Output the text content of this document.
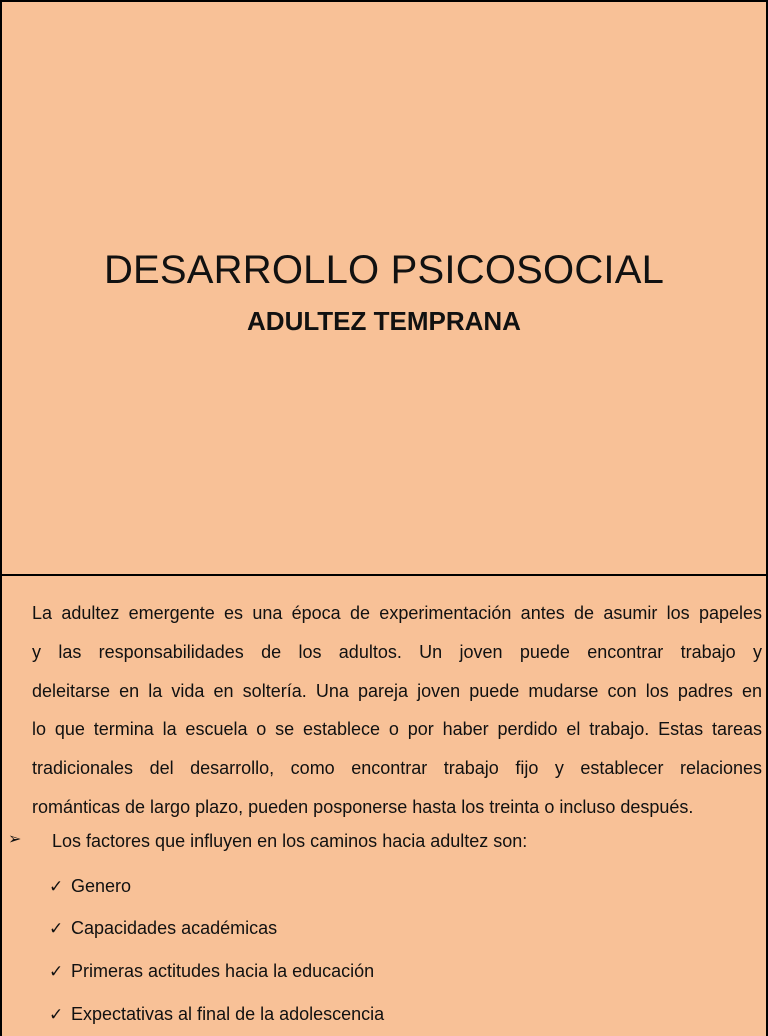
DESARROLLO PSICOSOCIAL
ADULTEZ TEMPRANA
La adultez emergente es una época de experimentación antes de asumir los papeles
y las responsabilidades de los adultos. Un joven puede encontrar trabajo y
deleitarse en la vida en soltería. Una pareja joven puede mudarse con los padres en
lo que termina la escuela o se establece o por haber perdido el trabajo. Estas tareas
tradicionales del desarrollo, como encontrar trabajo fijo y establecer relaciones
románticas de largo plazo, pueden posponerse hasta los treinta o incluso después.
➢ Los factores que influyen en los caminos hacia adultez son:
✓ Genero
✓ Capacidades académicas
✓ Primeras actitudes hacia la educación
✓ Expectativas al final de la adolescencia
